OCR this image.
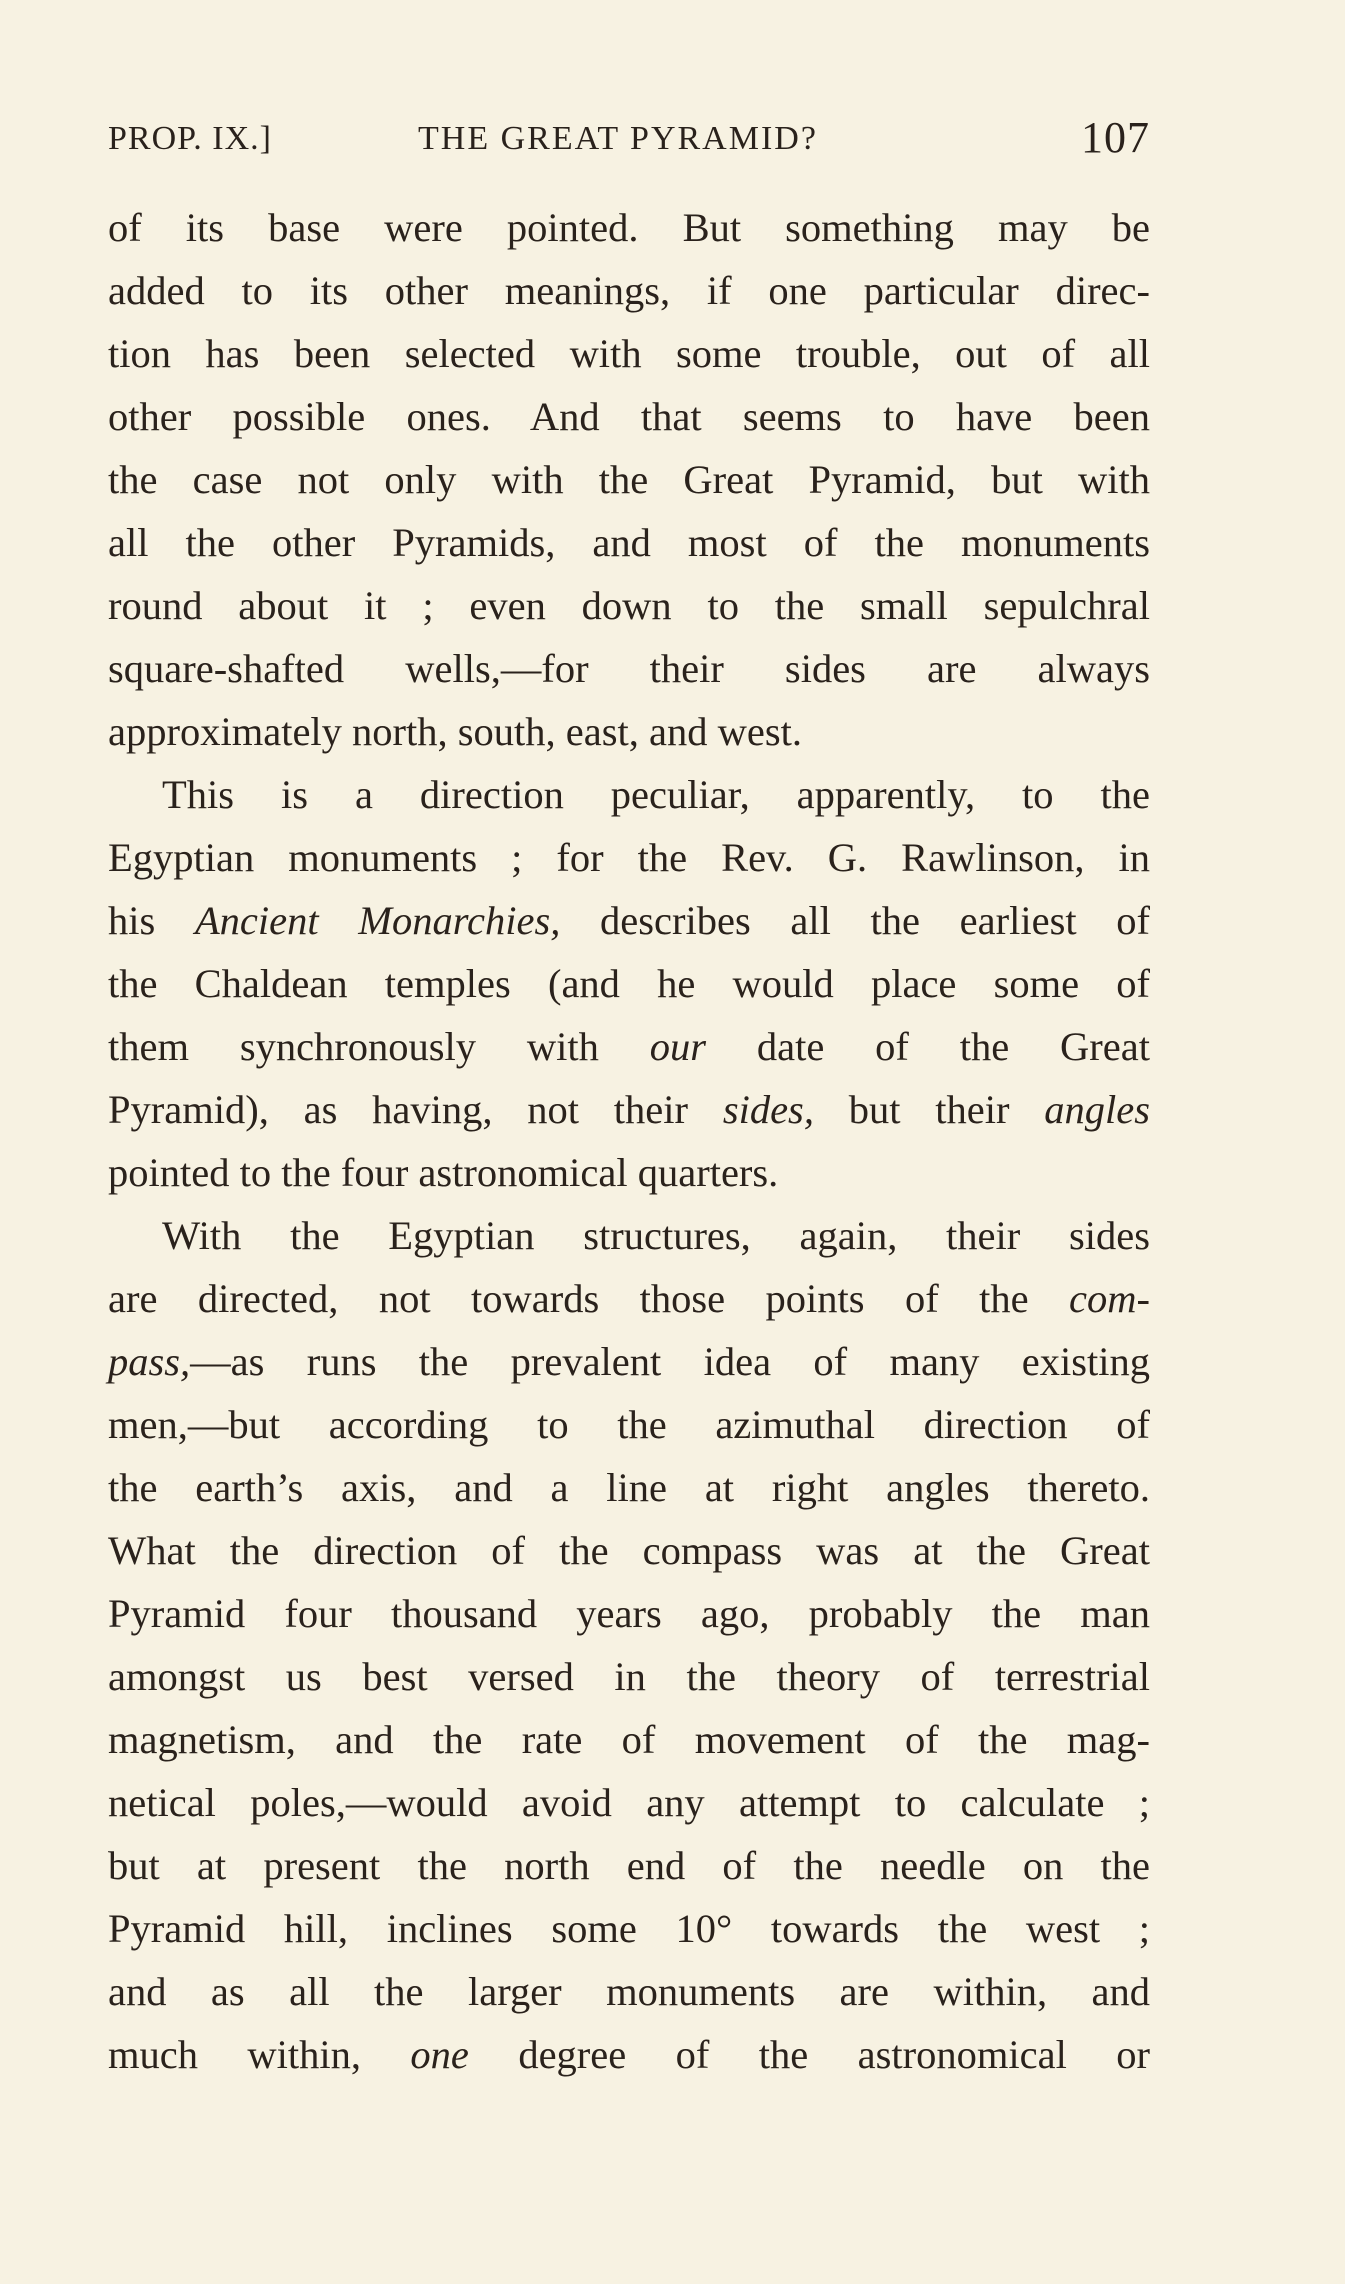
PROP. IX.]	THE GREAT PYRAMID?	107
of its base were pointed. But something may be
added to its other meanings, if one particular direc-
tion has been selected with some trouble, out of all
other possible ones. And that seems to have been
the case not only with the Great Pyramid, but with
all the other Pyramids, and most of the monuments
round about it ; even down to the small sepulchral
square-shafted wells,—for their sides are always
approximately north, south, east, and west.
This is a direction peculiar, apparently, to the
Egyptian monuments ; for the Rev. G. Rawlinson, in
his Ancient Monarchies, describes all the earliest of
the Chaldean temples (and he would place some of
them synchronously with our date of the Great
Pyramid), as having, not their sides, but their angles
pointed to the four astronomical quarters.
With the Egyptian structures, again, their sides
are directed, not towards those points of the com-
pass,—as runs the prevalent idea of many existing
men,—but according to the azimuthal direction of
the earth’s axis, and a line at right angles thereto.
What the direction of the compass was at the Great
Pyramid four thousand years ago, probably the man
amongst us best versed in the theory of terrestrial
magnetism, and the rate of movement of the mag-
netical poles,—would avoid any attempt to calculate ;
but at present the north end of the needle on the
Pyramid hill, inclines some 10° towards the west ;
and as all the larger monuments are within, and
much within, one degree of the astronomical or
